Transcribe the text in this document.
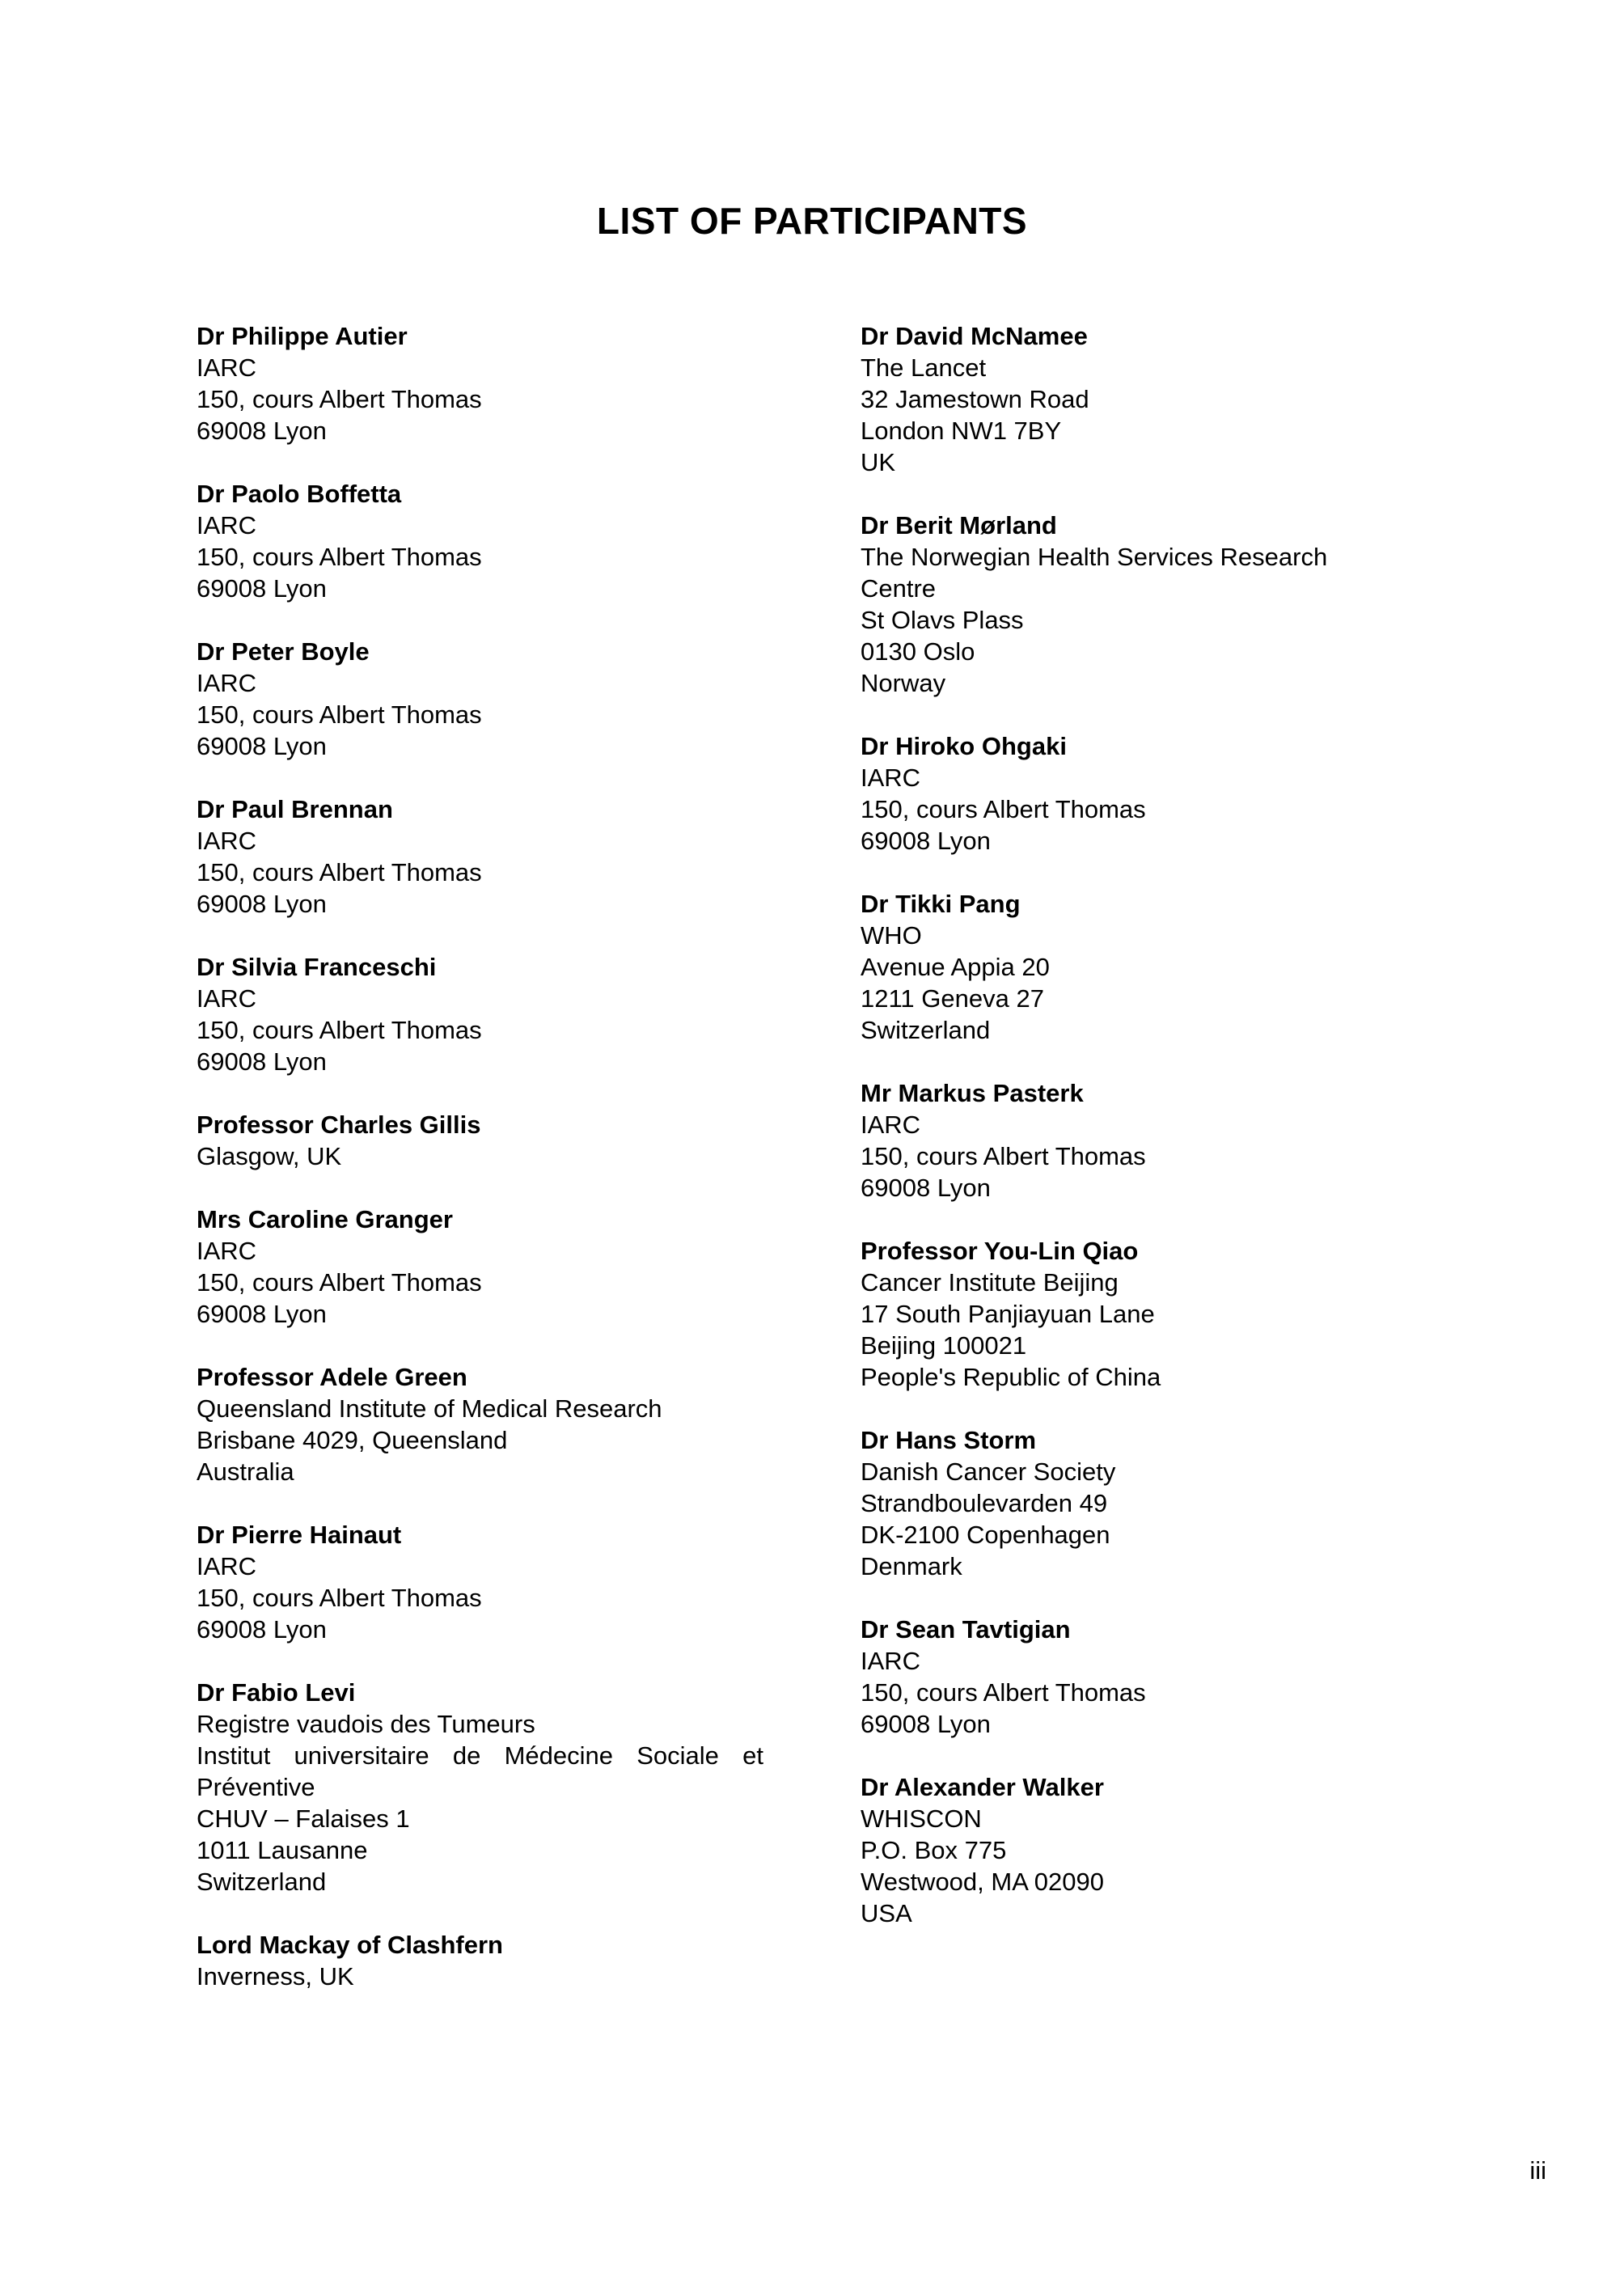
LIST OF PARTICIPANTS
Dr Philippe Autier
IARC
150, cours Albert Thomas
69008 Lyon
Dr Paolo Boffetta
IARC
150, cours Albert Thomas
69008 Lyon
Dr Peter Boyle
IARC
150, cours Albert Thomas
69008 Lyon
Dr Paul Brennan
IARC
150, cours Albert Thomas
69008 Lyon
Dr Silvia Franceschi
IARC
150, cours Albert Thomas
69008 Lyon
Professor Charles Gillis
Glasgow, UK
Mrs Caroline Granger
IARC
150, cours Albert Thomas
69008 Lyon
Professor Adele Green
Queensland Institute of Medical Research
Brisbane 4029, Queensland
Australia
Dr Pierre Hainaut
IARC
150, cours Albert Thomas
69008 Lyon
Dr Fabio Levi
Registre vaudois des Tumeurs
Institut universitaire de Médecine Sociale et
Préventive
CHUV – Falaises 1
1011 Lausanne
Switzerland
Lord Mackay of Clashfern
Inverness, UK
Dr David McNamee
The Lancet
32 Jamestown Road
London NW1 7BY
UK
Dr Berit Mørland
The Norwegian Health Services Research
Centre
St Olavs Plass
0130 Oslo
Norway
Dr Hiroko Ohgaki
IARC
150, cours Albert Thomas
69008 Lyon
Dr Tikki Pang
WHO
Avenue Appia 20
1211 Geneva 27
Switzerland
Mr Markus Pasterk
IARC
150, cours Albert Thomas
69008 Lyon
Professor You-Lin Qiao
Cancer Institute Beijing
17 South Panjiayuan Lane
Beijing 100021
People's Republic of China
Dr Hans Storm
Danish Cancer Society
Strandboulevarden 49
DK-2100 Copenhagen
Denmark
Dr Sean Tavtigian
IARC
150, cours Albert Thomas
69008 Lyon
Dr Alexander Walker
WHISCON
P.O. Box 775
Westwood, MA 02090
USA
iii
